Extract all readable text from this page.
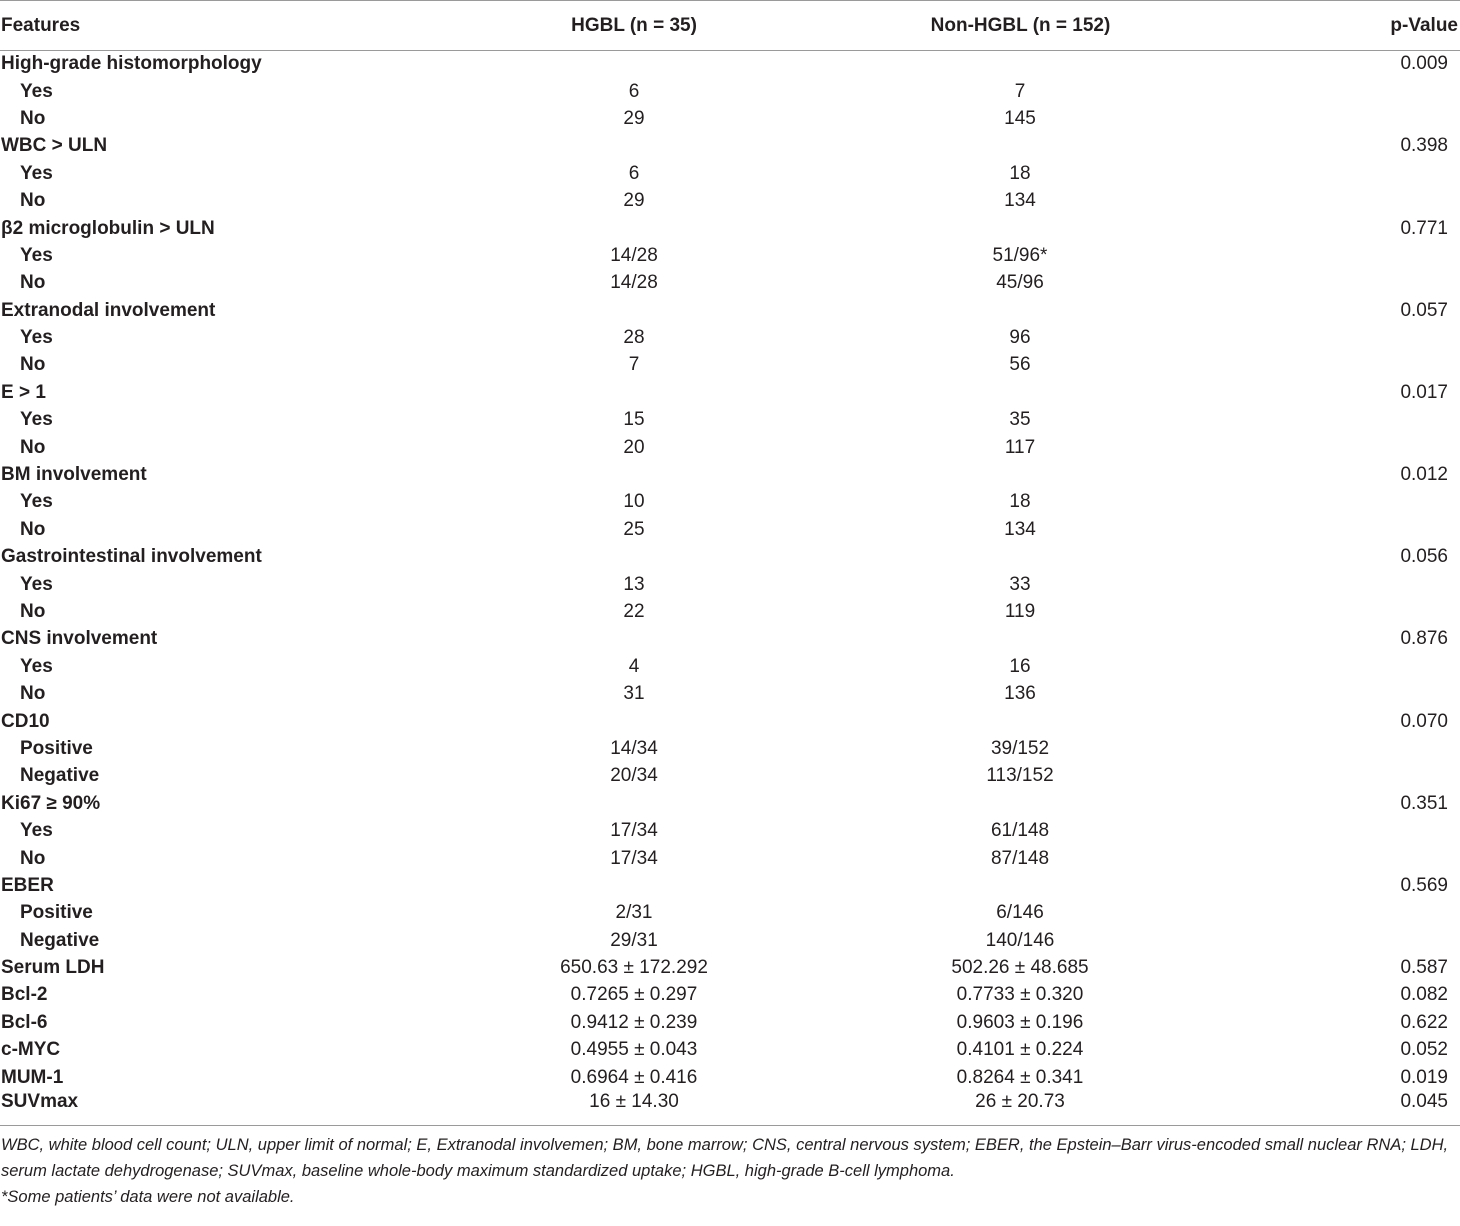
Features	HGBL (n = 35)	Non-HGBL (n = 152)	p-Value
High-grade histomorphology			0.009
Yes	6	7	
No	29	145	
WBC > ULN			0.398
Yes	6	18	
No	29	134	
β2 microglobulin > ULN			0.771
Yes	14/28	51/96*	
No	14/28	45/96	
Extranodal involvement			0.057
Yes	28	96	
No	7	56	
E > 1			0.017
Yes	15	35	
No	20	117	
BM involvement			0.012
Yes	10	18	
No	25	134	
Gastrointestinal involvement			0.056
Yes	13	33	
No	22	119	
CNS involvement			0.876
Yes	4	16	
No	31	136	
CD10			0.070
Positive	14/34	39/152	
Negative	20/34	113/152	
Ki67 ≥ 90%			0.351
Yes	17/34	61/148	
No	17/34	87/148	
EBER			0.569
Positive	2/31	6/146	
Negative	29/31	140/146	
Serum LDH	650.63 ± 172.292	502.26 ± 48.685	0.587
Bcl-2	0.7265 ± 0.297	0.7733 ± 0.320	0.082
Bcl-6	0.9412 ± 0.239	0.9603 ± 0.196	0.622
c-MYC	0.4955 ± 0.043	0.4101 ± 0.224	0.052
MUM-1	0.6964 ± 0.416	0.8264 ± 0.341	0.019
SUVmax	16 ± 14.30	26 ± 20.73	0.045

WBC, white blood cell count; ULN, upper limit of normal; E, Extranodal involvemen; BM, bone marrow; CNS, central nervous system; EBER, the Epstein–Barr virus-encoded small nuclear RNA; LDH, serum lactate dehydrogenase; SUVmax, baseline whole-body maximum standardized uptake; HGBL, high-grade B-cell lymphoma.

*Some patients’ data were not available.
